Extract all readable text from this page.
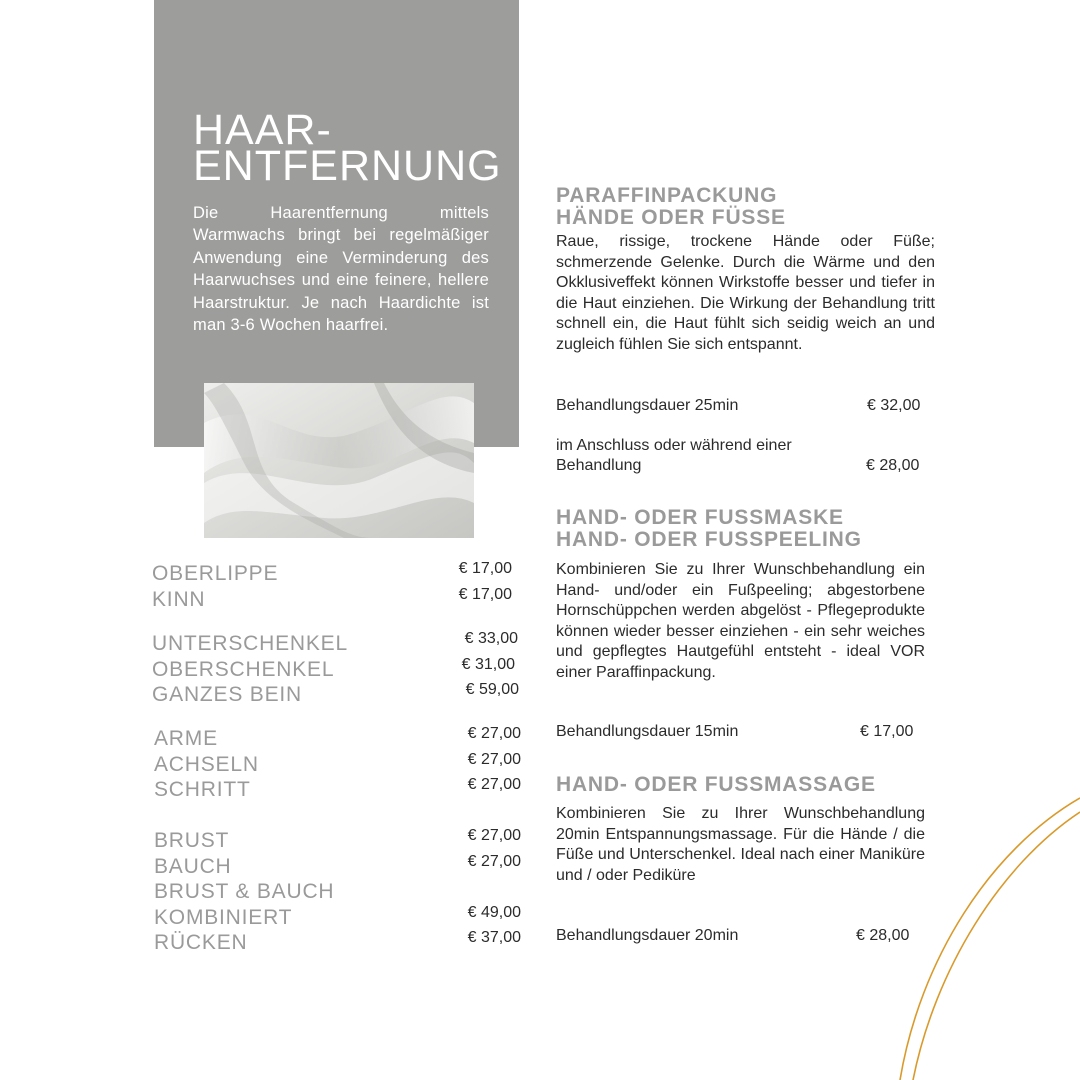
HAAR-
ENTFERNUNG

Die Haarentfernung mittels Warmwachs bringt bei regelmäßiger Anwendung eine Verminderung des Haarwuchses und eine feinere, hellere Haarstruktur. Je nach Haardichte ist man 3-6 Wochen haarfrei.

OBERLIPPE	€ 17,00
KINN	€ 17,00
UNTERSCHENKEL	€ 33,00
OBERSCHENKEL	€ 31,00
GANZES BEIN	€ 59,00
ARME	€ 27,00
ACHSELN	€ 27,00
SCHRITT	€ 27,00
BRUST	€ 27,00
BAUCH	€ 27,00
BRUST & BAUCH
KOMBINIERT	€ 49,00
RÜCKEN	€ 37,00
PARAFFINPACKUNG
HÄNDE ODER FÜSSE

Raue, rissige, trockene Hände oder Füße; schmerzende Gelenke. Durch die Wärme und den Okklusiveffekt können Wirkstoffe besser und tiefer in die Haut einziehen. Die Wirkung der Behandlung tritt schnell ein, die Haut fühlt sich seidig weich an und zugleich fühlen Sie sich entspannt.

Behandlungsdauer 25min	€ 32,00

im Anschluss oder während einer

Behandlung	€ 28,00

HAND- ODER FUSSMASKE
HAND- ODER FUSSPEELING

Kombinieren Sie zu Ihrer Wunschbehandlung ein Hand- und/oder ein Fußpeeling; abgestorbene Hornschüppchen werden abgelöst - Pflegeprodukte können wieder besser einziehen - ein sehr weiches und gepflegtes Hautgefühl entsteht - ideal VOR einer Paraffinpackung.

Behandlungsdauer 15min	€ 17,00

HAND- ODER FUSSMASSAGE

Kombinieren Sie zu Ihrer Wunschbehandlung 20min Entspannungsmassage. Für die Hände / die Füße und Unterschenkel. Ideal nach einer Maniküre und / oder Pediküre

Behandlungsdauer 20min	€ 28,00
